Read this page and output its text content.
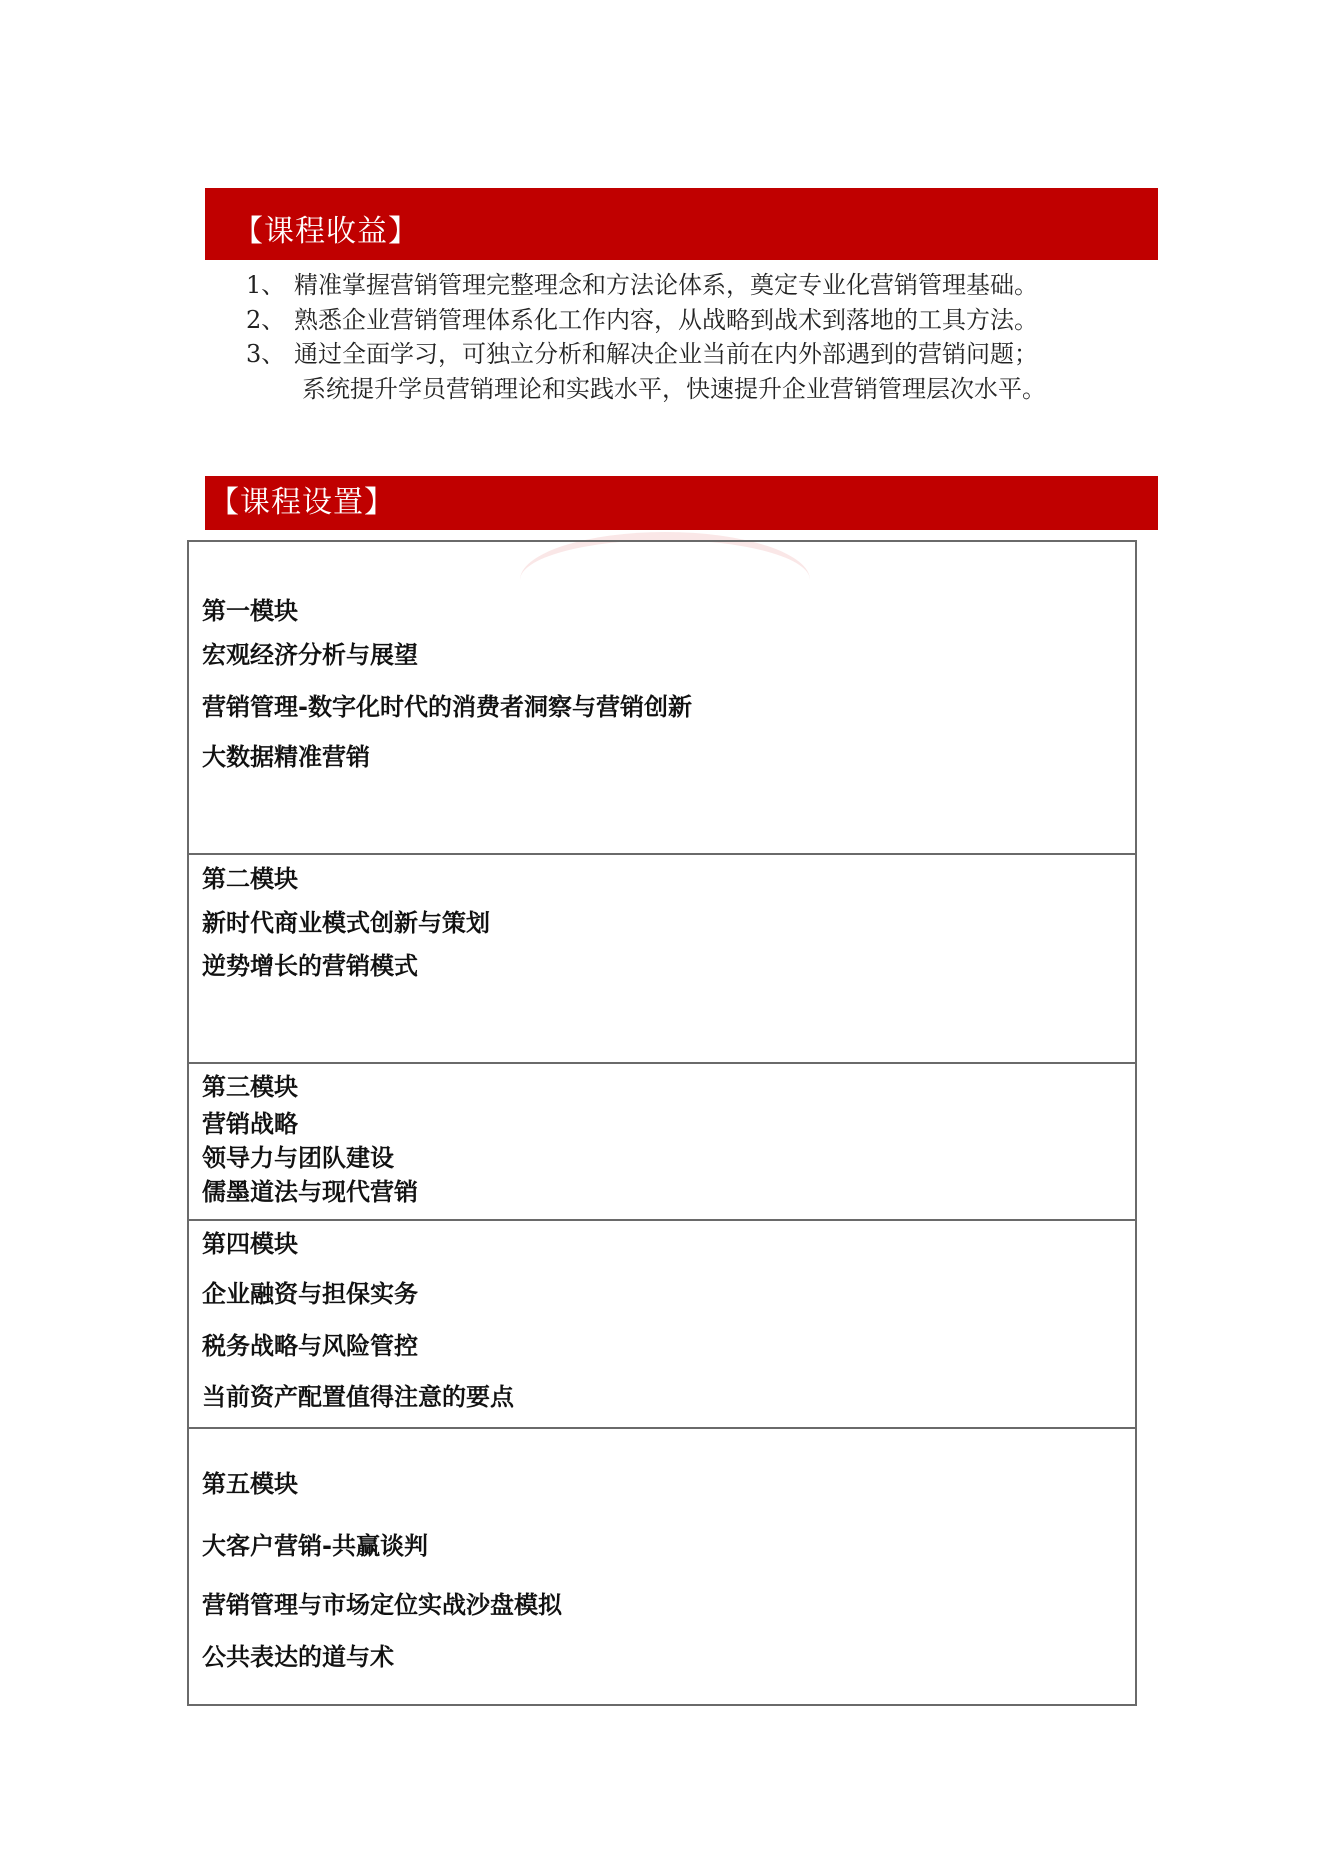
【课程收益】
1、 精准掌握营销管理完整理念和方法论体系，奠定专业化营销管理基础。
2、 熟悉企业营销管理体系化工作内容，从战略到战术到落地的工具方法。
3、 通过全面学习，可独立分析和解决企业当前在内外部遇到的营销问题；
系统提升学员营销理论和实践水平，快速提升企业营销管理层次水平。
【课程设置】
第一模块
宏观经济分析与展望
营销管理-数字化时代的消费者洞察与营销创新
大数据精准营销
第二模块
新时代商业模式创新与策划
逆势增长的营销模式
第三模块
营销战略
领导力与团队建设
儒墨道法与现代营销
第四模块
企业融资与担保实务
税务战略与风险管控
当前资产配置值得注意的要点
第五模块
大客户营销-共赢谈判
营销管理与市场定位实战沙盘模拟
公共表达的道与术
